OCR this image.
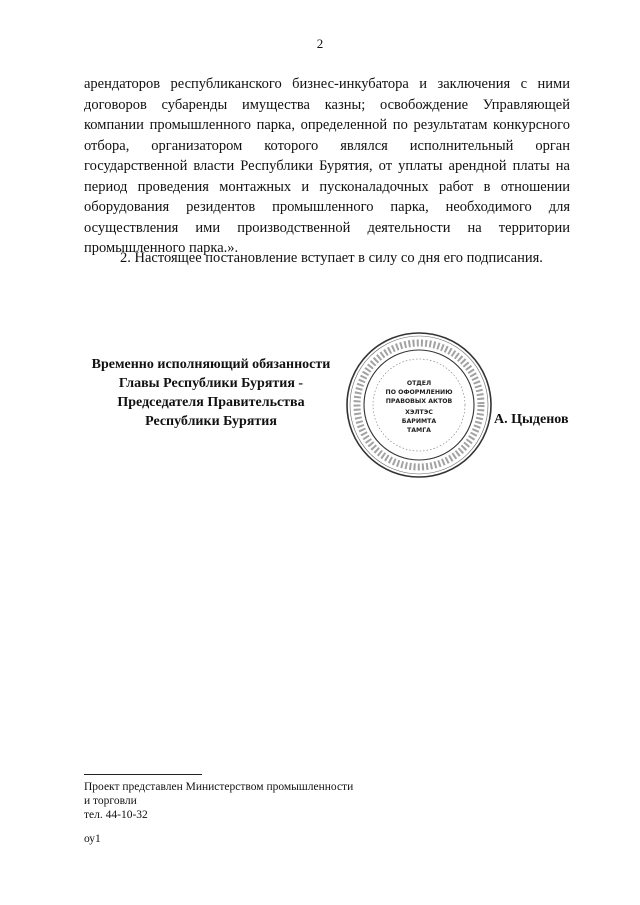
2

арендаторов республиканского бизнес-инкубатора и заключения с ними договоров субаренды имущества казны; освобождение Управляющей компании промышленного парка, определенной по результатам конкурсного отбора, организатором которого являлся исполнительный орган государственной власти Республики Бурятия, от уплаты арендной платы на период проведения монтажных и пусконаладочных работ в отношении оборудования резидентов промышленного парка, необходимого для осуществления ими производственной деятельности на территории промышленного парка.».

2. Настоящее постановление вступает в силу со дня его подписания.

Временно исполняющий обязанности
Главы Республики Бурятия -
Председателя Правительства
Республики Бурятия
ОТДЕЛ
ПО ОФОРМЛЕНИЮ
ПРАВОВЫХ АКТОВ
ХЭЛТЭС
БАРИМТА
ТАМГА
А. Цыденов
Проект представлен Министерством промышленности
и торговли
тел. 44-10-32
оу1
